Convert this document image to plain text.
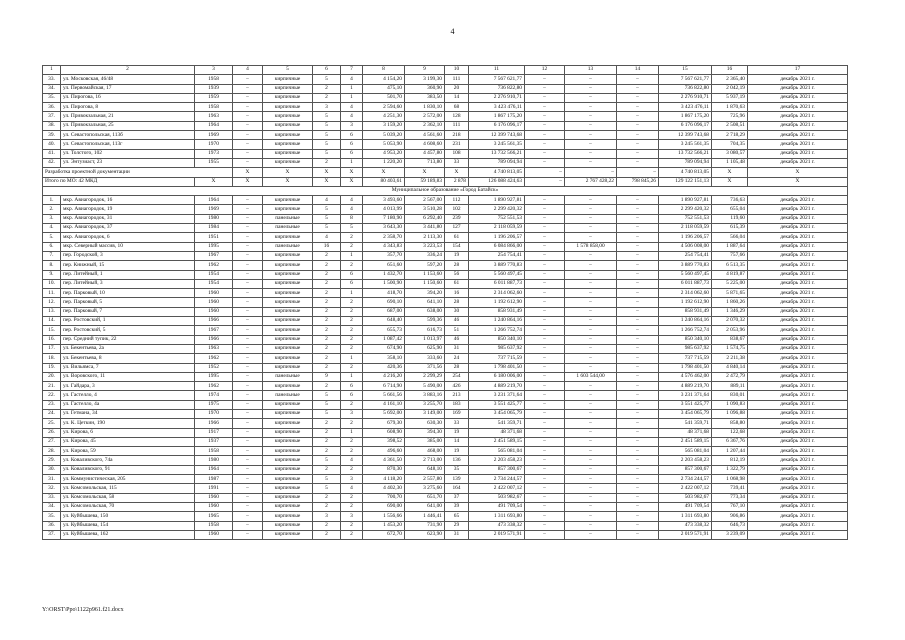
4
1	2	3	4	5	6	7	8	9	10	11	12	13	14	15	16	17
33.	ул. Московская, 46/48	1958	–	кирпичные	5	4	4 154,20	3 199,30	111	7 567 621,77	–	–	–	7 567 621,77	2 365,40	декабрь 2021 г.
34.	ул. Первомайская, 17	1939	–	кирпичные	2	1	475,10	360,90	20	736 822,80	–	–	–	736 822,80	2 042,19	декабрь 2021 г.
35.	ул. Пирогова, 16	1959	–	кирпичные	2	1	501,70	383,50	14	2 276 910,71	–	–	–	2 276 910,71	5 937,19	декабрь 2021 г.
36.	ул. Пирогова, 8	1958	–	кирпичные	3	4	2 594,60	1 830,10	68	3 423 476,11	–	–	–	3 423 476,11	1 870,63	декабрь 2021 г.
37.	ул. Привокзальная, 21	1963	–	кирпичные	5	4	4 251,30	2 572,00	128	1 867 175,20	–	–	–	1 867 175,20	725,96	декабрь 2021 г.
38.	ул. Привокзальная, 25	1964	–	кирпичные	5	3	3 159,20	2 362,10	111	6 176 096,17	–	–	–	6 176 096,17	2 508,51	декабрь 2021 г.
39.	ул. Севастопольская, 113б	1969	–	кирпичные	5	6	5 039,20	4 561,60	218	12 399 743,68	–	–	–	12 399 743,68	2 718,29	декабрь 2021 г.
40.	ул. Севастопольская, 113г	1970	–	кирпичные	5	6	5 053,90	4 608,60	231	3 245 561,35	–	–	–	3 245 561,35	704,35	декабрь 2021 г.
41.	ул. Толстого, 102	1973	–	кирпичные	5	6	4 953,20	4 457,80	108	13 732 566,21	–	–	–	13 732 566,21	3 080,57	декабрь 2021 г.
42.	ул. Энтузиаст, 23	1955	–	кирпичные	2	1	1 220,20	713,80	33	789 094,94	–	–	–	789 094,94	1 105,48	декабрь 2021 г.
Разработка проектной документации			X	X	X	X	X	X	X	4 740 813,05	–	–	–	4 740 813,05	X	X
Итого по МО: 42 МКД		X	X	X	X	X	80 403,61	59 189,83	2 878	126 088 424,63	–	2 767 428,22	798 845,26	129 122 151,13	X	X
Муниципальное образование «Город Батайск»																
1.	мкр. Авиагородок, 16	1964	–	кирпичные	4	4	3 493,60	2 567,00	112	1 890 927,81	–	–	–	1 890 927,81	736,63	декабрь 2021 г.
2.	мкр. Авиагородок, 19	1969	–	кирпичные	5	4	4 013,99	3 510,28	102	2 299 420,32	–	–	–	2 299 420,32	655,04	декабрь 2021 г.
3.	мкр. Авиагородок, 31	1980	–	панельные	5	8	7 180,90	6 292,40	239	752 551,53	–	–	–	752 551,53	119,60	декабрь 2021 г.
4.	мкр. Авиагородок, 37	1984	–	панельные	5	5	3 643,30	3 441,80	127	2 118 059,59	–	–	–	2 118 059,59	615,39	декабрь 2021 г.
5.	мкр. Авиагородок, 6	1951	–	кирпичные	4	2	2 358,70	2 113,30	61	1 196 206,57	–	–	–	1 196 206,57	566,04	декабрь 2021 г.
6.	мкр. Северный массив, 10	1995	–	панельные	16	2	4 343,83	3 223,53	154	6 084 866,00	–	1 578 858,00	–	4 506 008,00	1 887,64	декабрь 2021 г.
7.	пер. Городской, 3	1967	–	кирпичные	2	1	357,70	336,24	19	254 754,41	–	–	–	254 754,41	757,66	декабрь 2021 г.
8.	пер. Книжный, 15	1962	–	кирпичные	2	2	651,60	597,20	28	3 889 770,83	–	–	–	3 889 770,83	6 513,35	декабрь 2021 г.
9.	пер. Литейный, 1	1954	–	кирпичные	2	6	1 432,70	1 153,60	56	5 560 497,45	–	–	–	5 560 497,45	4 819,87	декабрь 2021 г.
10.	пер. Литейный, 3	1954	–	кирпичные	2	6	1 500,90	1 150,60	61	6 011 887,73	–	–	–	6 011 887,73	5 225,00	декабрь 2021 г.
11.	пер. Парковый, 10	1960	–	кирпичные	2	1	418,70	394,20	16	2 314 062,60	–	–	–	2 314 062,60	5 871,65	декабрь 2021 г.
12.	пер. Парковый, 5	1960	–	кирпичные	2	2	690,10	641,10	28	1 192 612,90	–	–	–	1 192 612,90	1 860,26	декабрь 2021 г.
13.	пер. Парковый, 7	1960	–	кирпичные	2	2	687,00	638,00	30	858 931,49	–	–	–	858 931,49	1 346,29	декабрь 2021 г.
14.	пер. Ростовский, 1	1966	–	кирпичные	2	2	648,40	599,36	46	1 240 864,16	–	–	–	1 240 864,16	2 070,32	декабрь 2021 г.
15.	пер. Ростовский, 5	1967	–	кирпичные	2	2	655,73	616,73	51	1 266 752,74	–	–	–	1 266 752,74	2 053,96	декабрь 2021 г.
16.	пер. Средний тупик, 22	1966	–	кирпичные	2	2	1 087,42	1 013,97	46	850 340,10	–	–	–	850 340,10	838,67	декабрь 2021 г.
17.	ул. Бекентьева, 2а	1963	–	кирпичные	2	2	674,90	625,90	31	985 637,92	–	–	–	985 637,92	1 574,75	декабрь 2021 г.
18.	ул. Бекентьева, 8	1962	–	кирпичные	2	1	358,10	333,60	24	737 715,59	–	–	–	737 715,59	2 211,38	декабрь 2021 г.
19.	ул. Вильямса, 7	1952	–	кирпичные	2	2	420,36	371,56	28	1 798 401,50	–	–	–	1 798 401,50	4 840,14	декабрь 2021 г.
20.	ул. Воровского, 11	1995	–	панельные	9	1	4 216,20	2 299,29	254	6 180 006,00	–	1 603 544,00	–	4 576 462,00	2 472,79	декабрь 2021 г.
21.	ул. Гайдара, 3	1962	–	кирпичные	2	6	6 714,90	5 490,00	426	4 889 219,70	–	–	–	4 889 219,70	889,11	декабрь 2021 г.
22.	ул. Гастелло, 4	1974	–	панельные	5	6	5 661,56	3 883,16	213	3 231 371,64	–	–	–	3 231 371,64	830,01	декабрь 2021 г.
23.	ул. Гастелло, 4а	1975	–	кирпичные	5	2	4 161,10	3 255,70	183	3 551 425,77	–	–	–	3 551 425,77	1 090,83	декабрь 2021 г.
24.	ул. Гетмана, 34	1970	–	кирпичные	5	3	5 692,00	3 149,00	169	3 454 065,79	–	–	–	3 454 065,79	1 096,88	декабрь 2021 г.
25.	ул. К. Цеткин, 190	1966	–	кирпичные	2	2	679,30	630,30	33	541 359,71	–	–	–	541 359,71	858,80	декабрь 2021 г.
26.	ул. Кирова, 6	1917	–	кирпичные	2	1	608,90	394,30	19	48 371,68	–	–	–	48 371,68	122,68	декабрь 2021 г.
27.	ул. Кирова, 45	1937	–	кирпичные	2	2	398,52	385,00	14	2 451 589,15	–	–	–	2 451 589,15	6 367,76	декабрь 2021 г.
28.	ул. Кирова, 59	1958	–	кирпичные	2	2	496,60	468,00	19	565 081,04	–	–	–	565 081,04	1 207,44	декабрь 2021 г.
29.	ул. Коваливского, 74а	1980	–	кирпичные	5	4	4 361,50	2 713,00	136	2 203 458,23	–	–	–	2 203 458,23	812,19	декабрь 2021 г.
30.	ул. Коваливского, 91	1964	–	кирпичные	2	2	870,30	648,10	35	857 300,67	–	–	–	857 300,67	1 322,79	декабрь 2021 г.
31.	ул. Коммунистическая, 205	1987	–	кирпичные	5	3	4 118,20	2 557,80	139	2 734 244,57	–	–	–	2 734 244,57	1 068,98	декабрь 2021 г.
32.	ул. Комсомольская, 115	1991	–	кирпичные	5	4	4 402,30	3 275,60	164	2 422 007,12	–	–	–	2 422 007,12	739,41	декабрь 2021 г.
33.	ул. Комсомольская, 58	1960	–	кирпичные	2	2	700,70	651,70	37	503 982,67	–	–	–	503 982,67	773,34	декабрь 2021 г.
34.	ул. Комсомольская, 70	1960	–	кирпичные	2	2	690,00	641,00	39	491 709,54	–	–	–	491 709,54	767,10	декабрь 2021 г.
35.	ул. Куйбышева, 150	1965	–	кирпичные	3	3	1 556,66	1 446,41	65	1 311 693,80	–	–	–	1 311 693,80	906,86	декабрь 2021 г.
36.	ул. Куйбышева, 154	1958	–	кирпичные	2	2	1 453,20	731,90	29	473 338,32	–	–	–	473 338,32	646,73	декабрь 2021 г.
37.	ул. Куйбышева, 162	1960	–	кирпичные	2	2	672,70	623,90	31	2 019 571,91	–	–	–	2 019 571,91	3 239,09	декабрь 2021 г.
Y:\ORST\Ppo\1122p961.f21.docx
